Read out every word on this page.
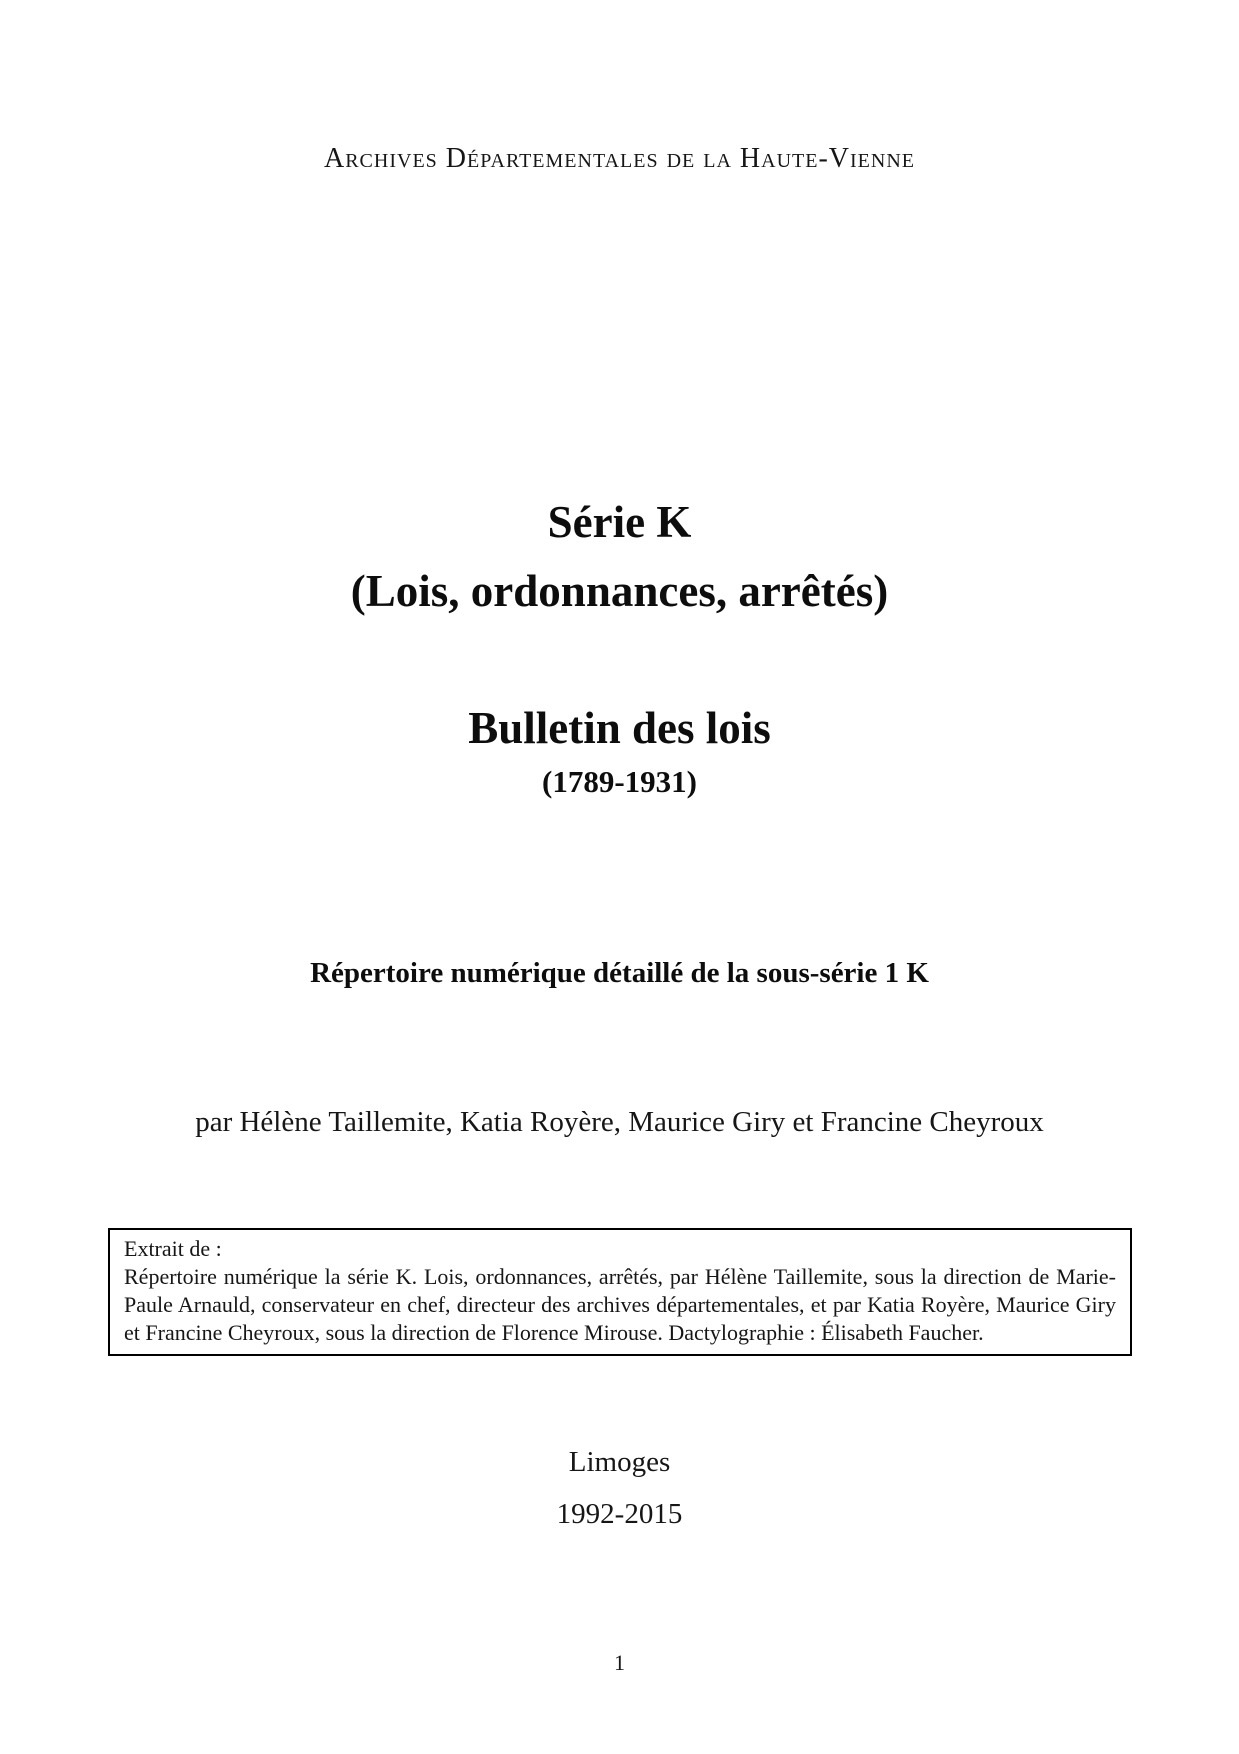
Archives Départementales de la Haute-Vienne
Série K
(Lois, ordonnances, arrêtés)
Bulletin des lois
(1789-1931)
Répertoire numérique détaillé de la sous-série 1 K
par Hélène Taillemite, Katia Royère, Maurice Giry et Francine Cheyroux
Extrait de :

Répertoire numérique la série K. Lois, ordonnances, arrêtés, par Hélène Taillemite, sous la direction de Marie-Paule Arnauld, conservateur en chef, directeur des archives départementales, et par Katia Royère, Maurice Giry et Francine Cheyroux, sous la direction de Florence Mirouse. Dactylographie : Élisabeth Faucher.

Limoges
1992-2015
1
